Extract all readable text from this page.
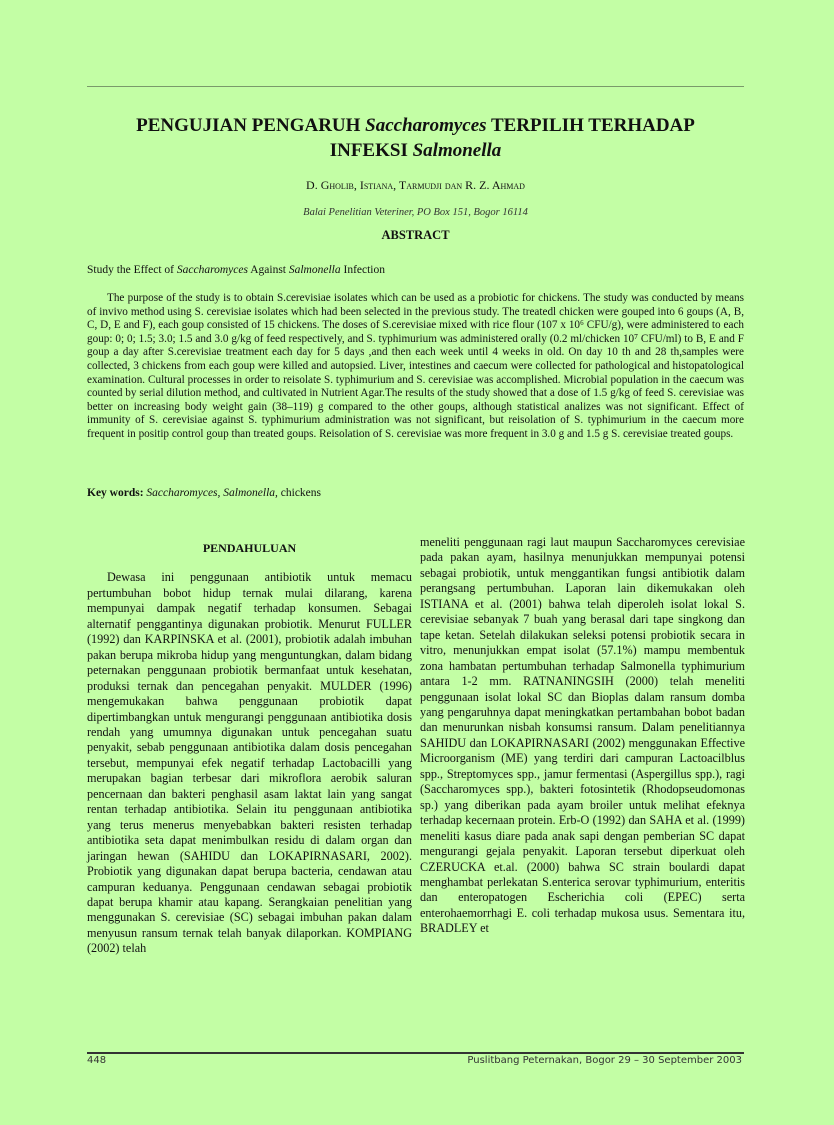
PENGUJIAN PENGARUH Saccharomyces TERPILIH TERHADAP
INFEKSI Salmonella
D. Gholib, Istiana, Tarmudji dan R. Z. Ahmad
Balai Penelitian Veteriner, PO Box 151, Bogor 16114
ABSTRACT
Study the Effect of Saccharomyces Against Salmonella Infection
The purpose of the study is to obtain S.cerevisiae isolates which can be used as a probiotic for chickens. The study was conducted by means of invivo method using S. cerevisiae isolates which had been selected in the previous study. The treatedl chicken were gouped into 6 goups (A, B, C, D, E and F), each goup consisted of 15 chickens. The doses of S.cerevisiae mixed with rice flour (107 x 10⁶ CFU/g), were administered to each goup: 0; 0; 1.5; 3.0; 1.5 and 3.0 g/kg of feed respectively, and S. typhimurium was administered orally (0.2 ml/chicken 10⁷ CFU/ml) to B, E and F goup a day after S.cerevisiae treatment each day for 5 days ,and then each week until 4 weeks in old. On day 10 th and 28 th,samples were collected, 3 chickens from each goup were killed and autopsied. Liver, intestines and caecum were collected for pathological and histopatological examination. Cultural processes in order to reisolate S. typhimurium and S. cerevisiae was accomplished. Microbial population in the caecum was counted by serial dilution method, and cultivated in Nutrient Agar.The results of the study showed that a dose of 1.5 g/kg of feed S. cerevisiae was better on increasing body weight gain (38–119) g compared to the other goups, although statistical analizes was not significant. Effect of immunity of S. cerevisiae against S. typhimurium administration was not significant, but reisolation of S. typhimurium in the caecum more frequent in positip control goup than treated goups. Reisolation of S. cerevisiae was more frequent in 3.0 g and 1.5 g S. cerevisiae treated goups.
Key words: Saccharomyces, Salmonella, chickens
PENDAHULUAN

Dewasa ini penggunaan antibiotik untuk memacu pertumbuhan bobot hidup ternak mulai dilarang, karena mempunyai dampak negatif terhadap konsumen. Sebagai alternatif penggantinya digunakan probiotik. Menurut FULLER (1992) dan KARPINSKA et al. (2001), probiotik adalah imbuhan pakan berupa mikroba hidup yang menguntungkan, dalam bidang peternakan penggunaan probiotik bermanfaat untuk kesehatan, produksi ternak dan pencegahan penyakit. MULDER (1996) mengemukakan bahwa penggunaan probiotik dapat dipertimbangkan untuk mengurangi penggunaan antibiotika dosis rendah yang umumnya digunakan untuk pencegahan suatu penyakit, sebab penggunaan antibiotika dalam dosis pencegahan tersebut, mempunyai efek negatif terhadap Lactobacilli yang merupakan bagian terbesar dari mikroflora aerobik saluran pencernaan dan bakteri penghasil asam laktat lain yang sangat rentan terhadap antibiotika. Selain itu penggunaan antibiotika yang terus menerus menyebabkan bakteri resisten terhadap antibiotika seta dapat menimbulkan residu di dalam organ dan jaringan hewan (SAHIDU dan LOKAPIRNASARI, 2002). Probiotik yang digunakan dapat berupa bacteria, cendawan atau campuran keduanya. Penggunaan cendawan sebagai probiotik dapat berupa khamir atau kapang. Serangkaian penelitian yang menggunakan S. cerevisiae (SC) sebagai imbuhan pakan dalam menyusun ransum ternak telah banyak dilaporkan. KOMPIANG (2002) telah

meneliti penggunaan ragi laut maupun Saccharomyces cerevisiae pada pakan ayam, hasilnya menunjukkan mempunyai potensi sebagai probiotik, untuk menggantikan fungsi antibiotik dalam perangsang pertumbuhan. Laporan lain dikemukakan oleh ISTIANA et al. (2001) bahwa telah diperoleh isolat lokal S. cerevisiae sebanyak 7 buah yang berasal dari tape singkong dan tape ketan. Setelah dilakukan seleksi potensi probiotik secara in vitro, menunjukkan empat isolat (57.1%) mampu membentuk zona hambatan pertumbuhan terhadap Salmonella typhimurium antara 1-2 mm. RATNANINGSIH (2000) telah meneliti penggunaan isolat lokal SC dan Bioplas dalam ransum domba yang pengaruhnya dapat meningkatkan pertambahan bobot badan dan menurunkan nisbah konsumsi ransum. Dalam penelitiannya SAHIDU dan LOKAPIRNASARI (2002) menggunakan Effective Microorganism (ME) yang terdiri dari campuran Lactoacilblus spp., Streptomyces spp., jamur fermentasi (Aspergillus spp.), ragi (Saccharomyces spp.), bakteri fotosintetik (Rhodopseudomonas sp.) yang diberikan pada ayam broiler untuk melihat efeknya terhadap kecernaan protein. Erb-O (1992) dan SAHA et al. (1999) meneliti kasus diare pada anak sapi dengan pemberian SC dapat mengurangi gejala penyakit. Laporan tersebut diperkuat oleh CZERUCKA et.al. (2000) bahwa SC strain boulardi dapat menghambat perlekatan S.enterica serovar typhimurium, enteritis dan enteropatogen Escherichia coli (EPEC) serta enterohaemorrhagi E. coli terhadap mukosa usus. Sementara itu, BRADLEY et

448	Puslitbang Peternakan, Bogor 29 – 30 September 2003
